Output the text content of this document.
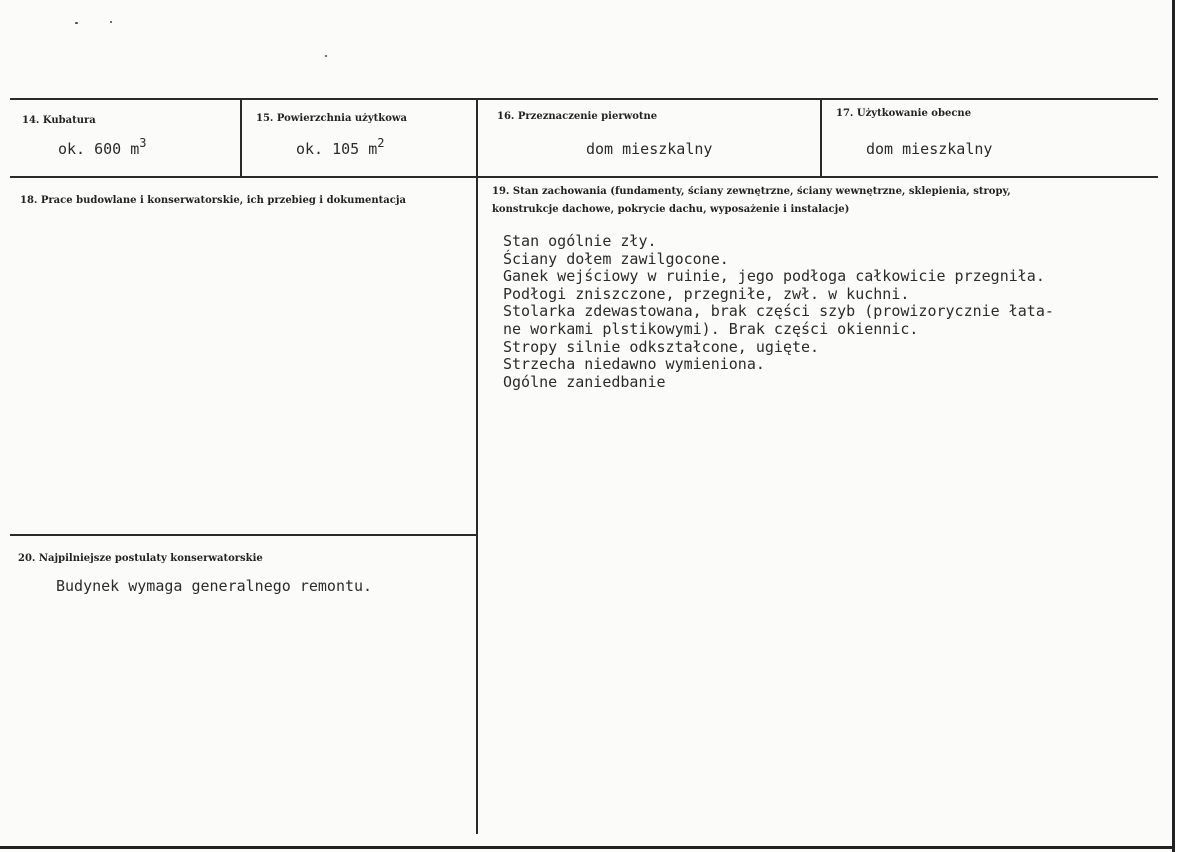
14. Kubatura
ok. 600 $m^3$
15. Powierzchnia użytkowa
ok. 105 $m^2$
16. Przeznaczenie pierwotne
dom mieszkalny
17. Użytkowanie obecne
dom mieszkalny
18. Prace budowlane i konserwatorskie, ich przebieg i dokumentacja
19. Stan zachowania (fundamenty, ściany zewnętrzne, ściany wewnętrzne, sklepienia, stropy,
konstrukcje dachowe, pokrycie dachu, wyposażenie i instalacje)
Stan ogólnie zły.
Ściany dołem zawilgocone.
Ganek wejściowy w ruinie, jego podłoga całkowicie przegniła.
Podłogi zniszczone, przegniłe, zwł. w kuchni.
Stolarka zdewastowana, brak części szyb (prowizorycznie łata-
ne workami plstikowymi). Brak części okiennic.
Stropy silnie odkształcone, ugięte.
Strzecha niedawno wymieniona.
Ogólne zaniedbanie
20. Najpilniejsze postulaty konserwatorskie
Budynek wymaga generalnego remontu.
